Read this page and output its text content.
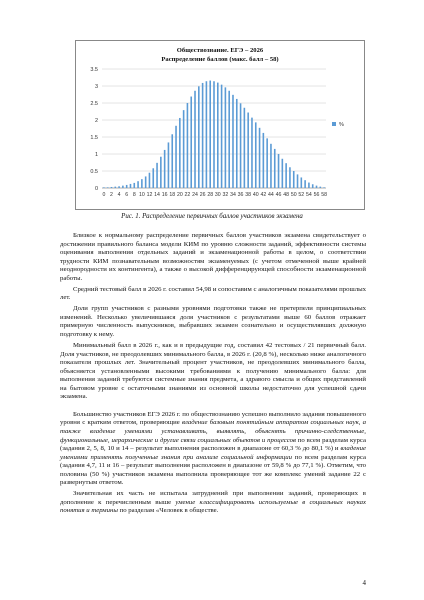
Обществознание. ЕГЭ – 2026
Распределение баллов (макс. балл – 58)
0
0.5
1
1.5
2
2.5
3
3.5
0 2 4 6 8 10 12 14 16 18 20 22 24 26 28 30 32 34 36 38 40 42 44 46 48 50 52 54 56 58
%
Рис. 1. Распределение первичных баллов участников экзамена

Близкое к нормальному распределение первичных баллов участников экзамена свидетельствует о достижении правильного баланса модели КИМ по уровню сложности заданий, эффективности системы оценивания выполнения отдельных заданий и экзаменационной работы в целом, о соответствии трудности КИМ познавательным возможностям экзаменуемых (с учетом отмеченной выше крайней неоднородности их контингента), а также о высокой дифференцирующей способности экзаменационной работы.

Средний тестовый балл в 2026 г. составил 54,98 и сопоставим с аналогичным показателями прошлых лет.

Доли групп участников с разными уровнями подготовки также не претерпели принципиальных изменений. Несколько увеличившаяся доля участников с результатами выше 60 баллов отражает примерную численность выпускников, выбравших экзамен сознательно и осуществлявших должную подготовку к нему.

Минимальный балл в 2026 г., как и в предыдущие год, составил 42 тестовых / 21 первичный балл. Доля участников, не преодолевших минимального балла, в 2026 г. (20,8 %), несколько ниже аналогичного показателя прошлых лет. Значительный процент участников, не преодолевших минимального балла, объясняется установленными высокими требованиями к получению минимального балла: для выполнения заданий требуются системные знания предмета, а здравого смысла и общих представлений на бытовом уровне с остаточными знаниями из основной школы недостаточно для успешной сдачи экзамена.

Большинство участников ЕГЭ 2026 г. по обществознанию успешно выполнило задания повышенного уровня с кратким ответом, проверяющие владение базовым понятийным аппаратом социальных наук, а также владение умениями устанавливать, выявлять, объяснять причинно-следственные, функциональные, иерархические и другие связи социальных объектов и процессов по всем разделам курса (задания 2, 5, 8, 10 и 14 – результат выполнения расположен в диапазоне от 60,3 % до 80,1 %) и владение умениями применять полученные знания при анализе социальной информации по всем разделам курса (задания 4,7, 11 и 16 – результат выполнения расположен в диапазоне от 59,8 % до 77,1 %). Отметим, что половина (50 %) участников экзамена выполнила проверяющее тот же комплекс умений задание 22 с развернутым ответом.

Значительная их часть не испытала затруднений при выполнении заданий, проверяющих в дополнение к перечисленным выше умение классифицировать используемые в социальных науках понятия и термины по разделам «Человек в обществе.

4
